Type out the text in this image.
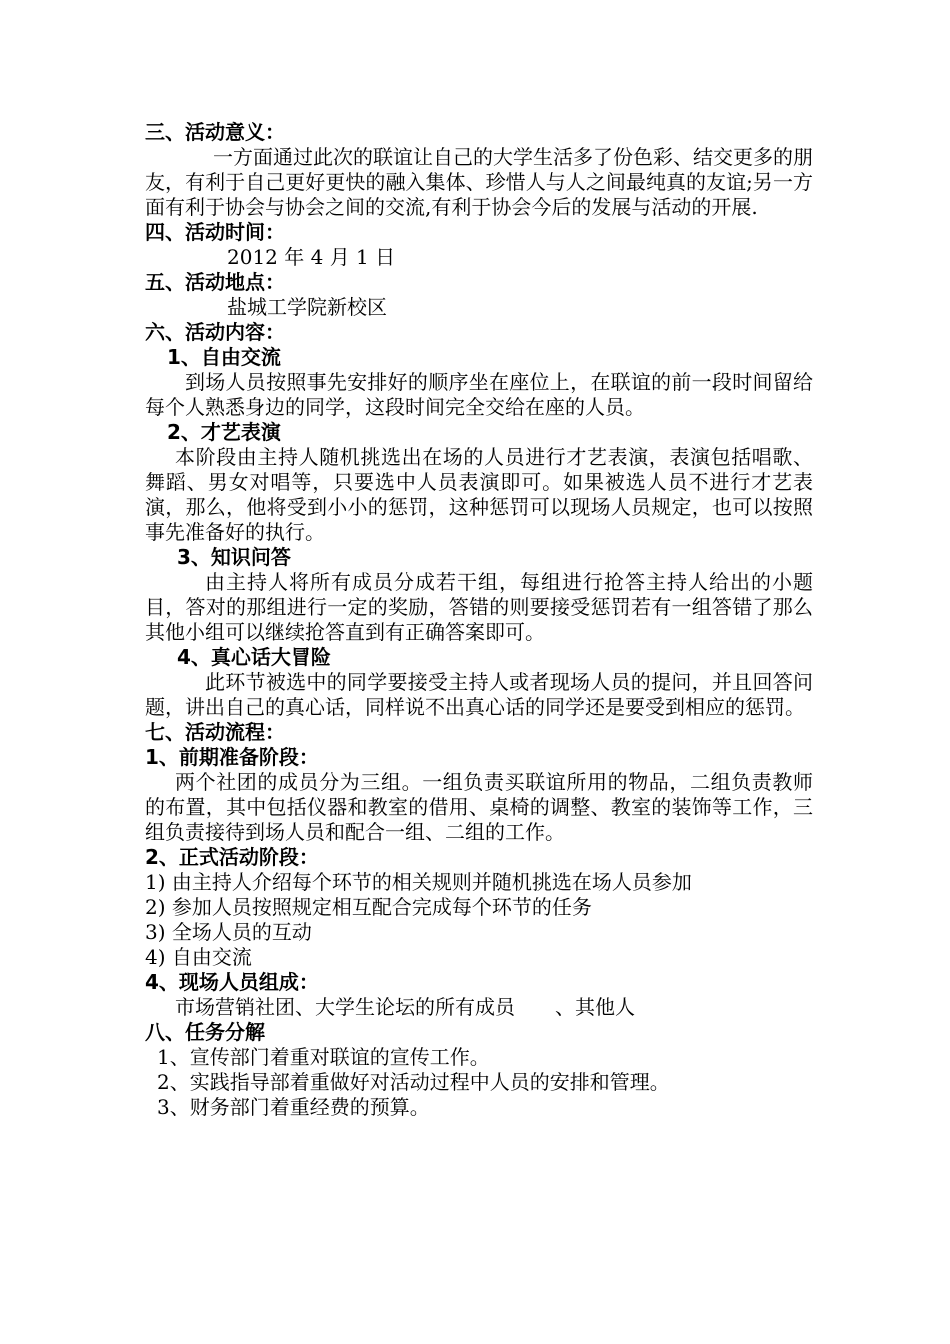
三、活动意义：
一方面通过此次的联谊让自己的大学生活多了份色彩、结交更多的朋友，有利于自己更好更快的融入集体、珍惜人与人之间最纯真的友谊;另一方面有利于协会与协会之间的交流,有利于协会今后的发展与活动的开展.
四、活动时间：
2012 年 4 月 1 日
五、活动地点：
盐城工学院新校区
六、活动内容：
1、自由交流
到场人员按照事先安排好的顺序坐在座位上，在联谊的前一段时间留给每个人熟悉身边的同学，这段时间完全交给在座的人员。
2、才艺表演
本阶段由主持人随机挑选出在场的人员进行才艺表演，表演包括唱歌、舞蹈、男女对唱等，只要选中人员表演即可。如果被选人员不进行才艺表演，那么，他将受到小小的惩罚，这种惩罚可以现场人员规定，也可以按照事先准备好的执行。
3、知识问答
由主持人将所有成员分成若干组，每组进行抢答主持人给出的小题目，答对的那组进行一定的奖励，答错的则要接受惩罚若有一组答错了那么其他小组可以继续抢答直到有正确答案即可。
4、真心话大冒险
此环节被选中的同学要接受主持人或者现场人员的提问，并且回答问题，讲出自己的真心话，同样说不出真心话的同学还是要受到相应的惩罚。
七、活动流程：
1、前期准备阶段：
两个社团的成员分为三组。一组负责买联谊所用的物品，二组负责教师的布置，其中包括仪器和教室的借用、桌椅的调整、教室的装饰等工作，三组负责接待到场人员和配合一组、二组的工作。
2、正式活动阶段：
1) 由主持人介绍每个环节的相关规则并随机挑选在场人员参加
2) 参加人员按照规定相互配合完成每个环节的任务
3) 全场人员的互动
4) 自由交流
4、现场人员组成：
市场营销社团、大学生论坛的所有成员　　、其他人
八、任务分解
1、宣传部门着重对联谊的宣传工作。
2、实践指导部着重做好对活动过程中人员的安排和管理。
3、财务部门着重经费的预算。
